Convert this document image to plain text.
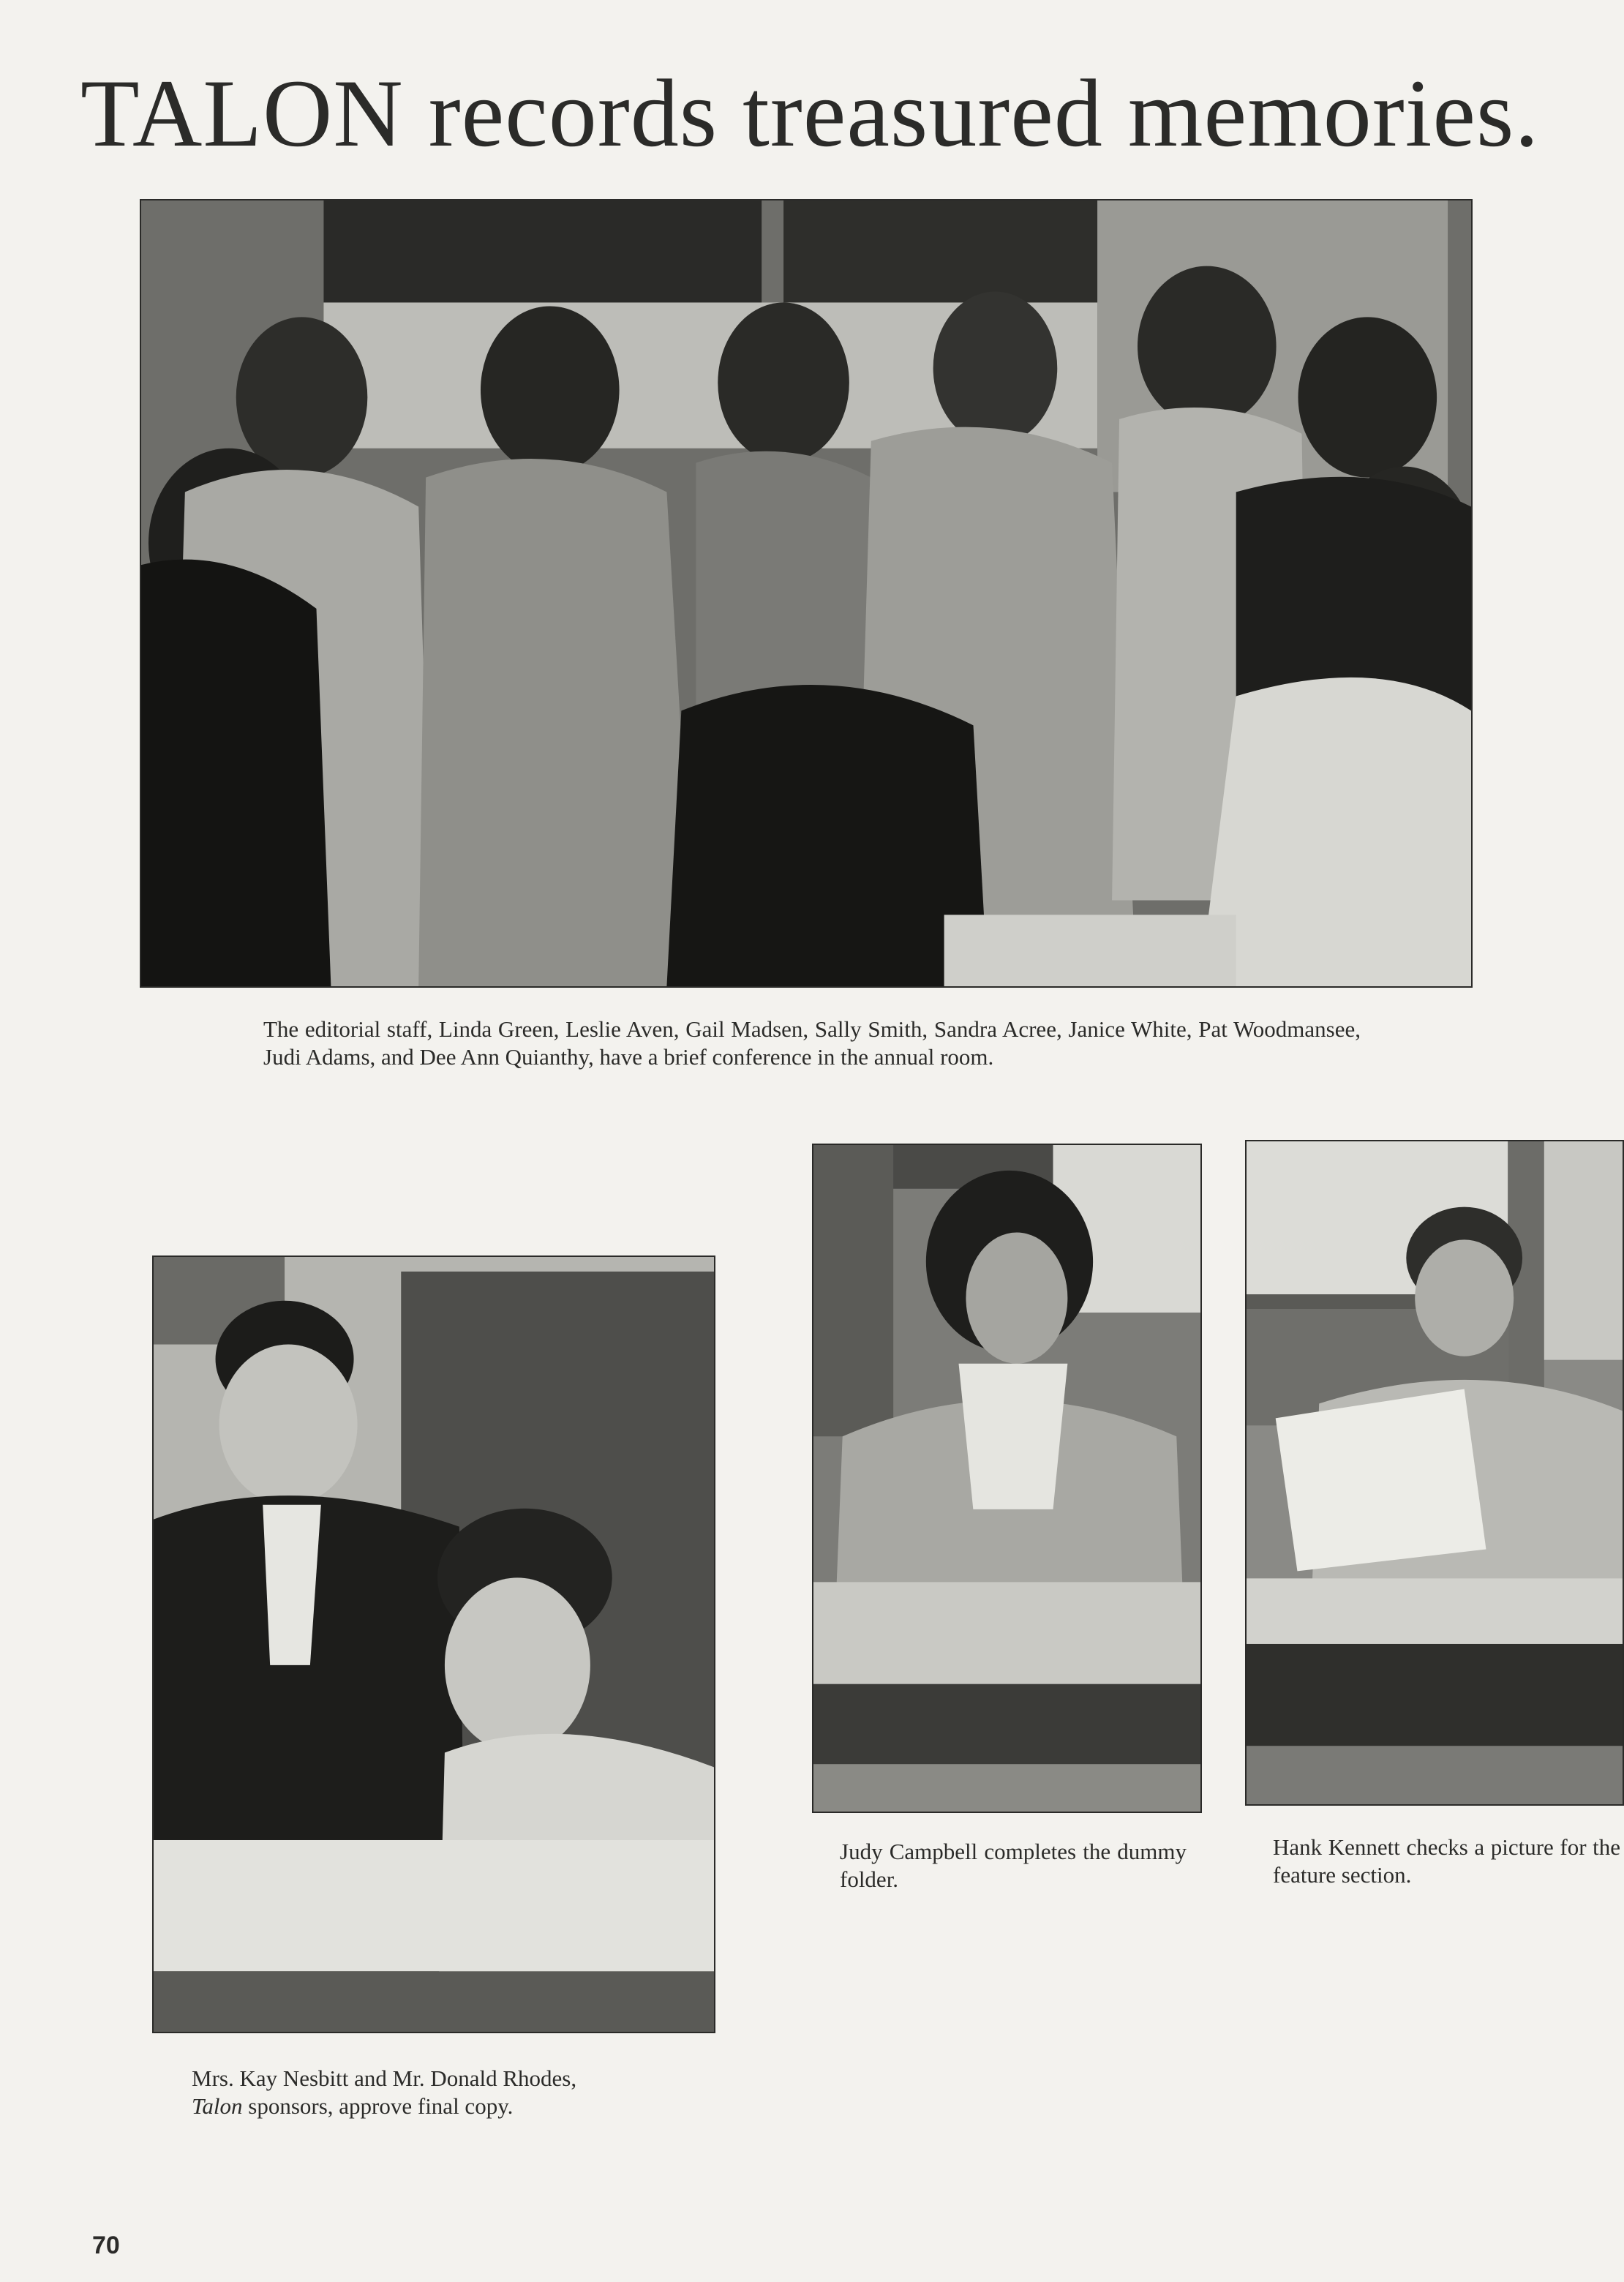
TALON records treasured memories.

The editorial staff, Linda Green, Leslie Aven, Gail Madsen, Sally Smith, Sandra Acree, Janice White, Pat Woodmansee, Judi Adams, and Dee Ann Quianthy, have a brief conference in the annual room.

Judy Campbell completes the dummy folder.

Hank Kennett checks a picture for the feature section.

Mrs. Kay Nesbitt and Mr. Donald Rhodes,
Talon sponsors, approve final copy.

70
